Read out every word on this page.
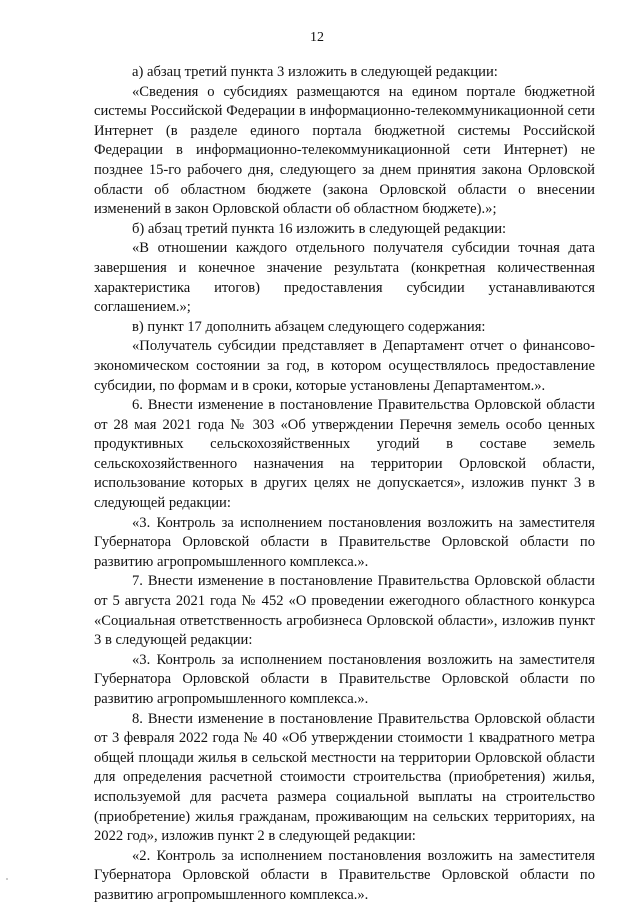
12

а) абзац третий пункта 3 изложить в следующей редакции:

«Сведения о субсидиях размещаются на едином портале бюджетной системы Российской Федерации в информационно-телекоммуникационной сети Интернет (в разделе единого портала бюджетной системы Российской Федерации в информационно-телекоммуникационной сети Интернет) не позднее 15-го рабочего дня, следующего за днем принятия закона Орловской области об областном бюджете (закона Орловской области о внесении изменений в закон Орловской области об областном бюджете).»;

б) абзац третий пункта 16 изложить в следующей редакции:

«В отношении каждого отдельного получателя субсидии точная дата завершения и конечное значение результата (конкретная количественная характеристика итогов) предоставления субсидии устанавливаются соглашением.»;

в) пункт 17 дополнить абзацем следующего содержания:

«Получатель субсидии представляет в Департамент отчет о финансово-экономическом состоянии за год, в котором осуществлялось предоставление субсидии, по формам и в сроки, которые установлены Департаментом.».

6. Внести изменение в постановление Правительства Орловской области от 28 мая 2021 года № 303 «Об утверждении Перечня земель особо ценных продуктивных сельскохозяйственных угодий в составе земель сельскохозяйственного назначения на территории Орловской области, использование которых в других целях не допускается», изложив пункт 3 в следующей редакции:

«3. Контроль за исполнением постановления возложить на заместителя Губернатора Орловской области в Правительстве Орловской области по развитию агропромышленного комплекса.».

7. Внести изменение в постановление Правительства Орловской области от 5 августа 2021 года № 452 «О проведении ежегодного областного конкурса «Социальная ответственность агробизнеса Орловской области», изложив пункт 3 в следующей редакции:

«3. Контроль за исполнением постановления возложить на заместителя Губернатора Орловской области в Правительстве Орловской области по развитию агропромышленного комплекса.».

8. Внести изменение в постановление Правительства Орловской области от 3 февраля 2022 года № 40 «Об утверждении стоимости 1 квадратного метра общей площади жилья в сельской местности на территории Орловской области для определения расчетной стоимости строительства (приобретения) жилья, используемой для расчета размера социальной выплаты на строительство (приобретение) жилья гражданам, проживающим на сельских территориях, на 2022 год», изложив пункт 2 в следующей редакции:

«2. Контроль за исполнением постановления возложить на заместителя Губернатора Орловской области в Правительстве Орловской области по развитию агропромышленного комплекса.».
